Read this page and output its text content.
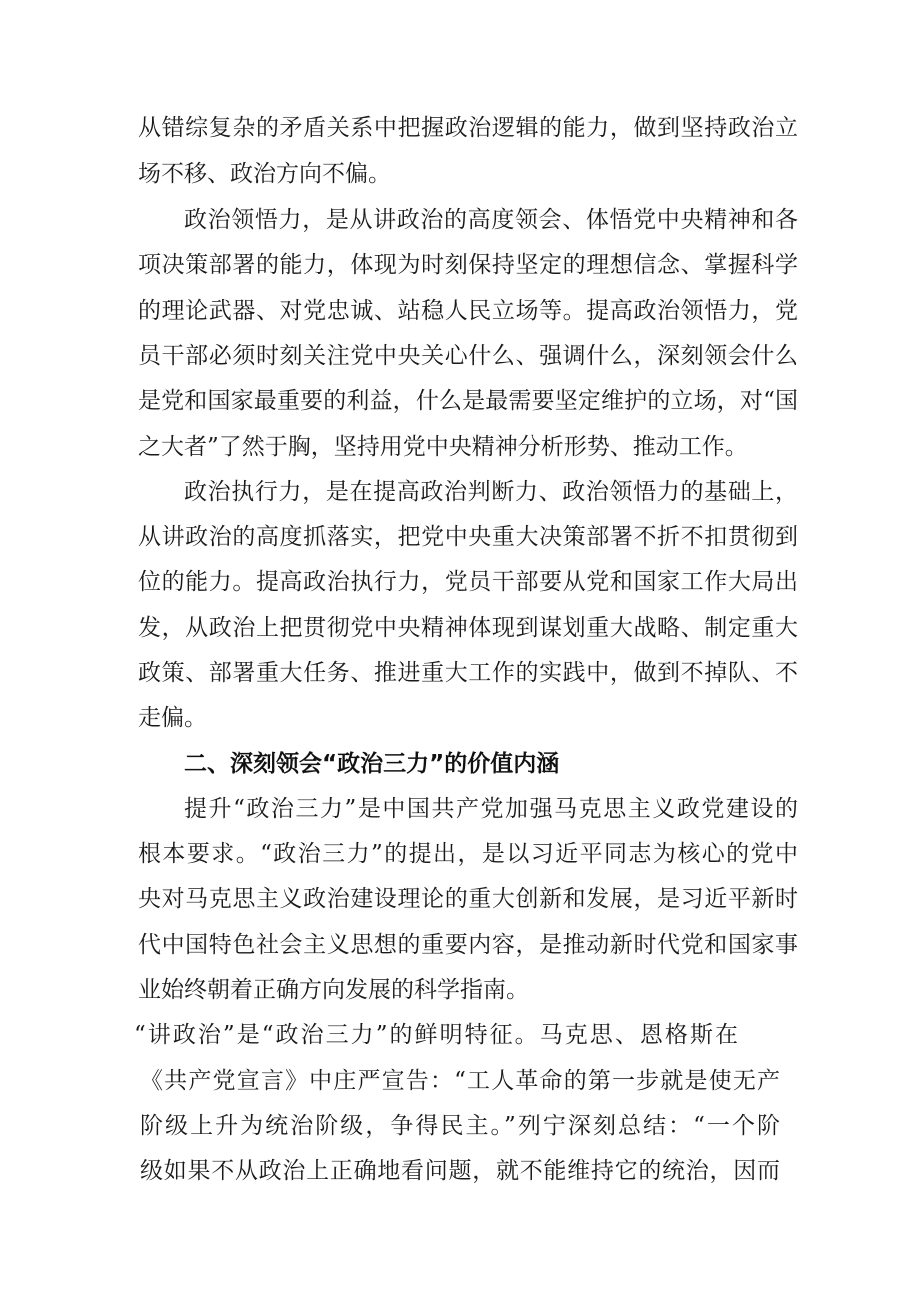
从错综复杂的矛盾关系中把握政治逻辑的能力，做到坚持政治立
场不移、政治方向不偏。
政治领悟力，是从讲政治的高度领会、体悟党中央精神和各
项决策部署的能力，体现为时刻保持坚定的理想信念、掌握科学
的理论武器、对党忠诚、站稳人民立场等。提高政治领悟力，党
员干部必须时刻关注党中央关心什么、强调什么，深刻领会什么
是党和国家最重要的利益，什么是最需要坚定维护的立场，对“国
之大者”了然于胸，坚持用党中央精神分析形势、推动工作。
政治执行力，是在提高政治判断力、政治领悟力的基础上，
从讲政治的高度抓落实，把党中央重大决策部署不折不扣贯彻到
位的能力。提高政治执行力，党员干部要从党和国家工作大局出
发，从政治上把贯彻党中央精神体现到谋划重大战略、制定重大
政策、部署重大任务、推进重大工作的实践中，做到不掉队、不
走偏。
二、深刻领会“政治三力”的价值内涵
提升“政治三力”是中国共产党加强马克思主义政党建设的
根本要求。“政治三力”的提出，是以习近平同志为核心的党中
央对马克思主义政治建设理论的重大创新和发展，是习近平新时
代中国特色社会主义思想的重要内容，是推动新时代党和国家事
业始终朝着正确方向发展的科学指南。
“讲政治”是“政治三力”的鲜明特征。马克思、恩格斯在
《共产党宣言》中庄严宣告：“工人革命的第一步就是使无产
阶级上升为统治阶级，争得民主。”列宁深刻总结：“一个阶
级如果不从政治上正确地看问题，就不能维持它的统治，因而
